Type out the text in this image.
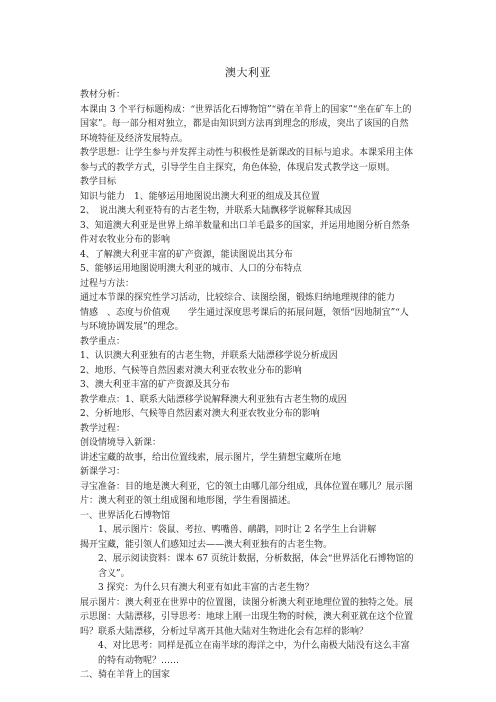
澳大利亚

教材分析：

本课由 3 个平行标题构成：“世界活化石博物馆”“骑在羊背上的国家”“坐在矿车上的国家”。每一部分相对独立，都是由知识到方法再到理念的形成，突出了该国的自然环境特征及经济发展特点。

教学思想：让学生参与并发挥主动性与积极性是新课改的目标与追求。本课采用主体参与式的教学方式，引导学生自主探究，角色体验，体现启发式教学这一原则。

教学目标

知识与能力　1、能够运用地图说出澳大利亚的组成及其位置

2、　说出澳大利亚特有的古老生物，并联系大陆飘移学说解释其成因

3、知道澳大利亚是世界上绵羊数量和出口羊毛最多的国家，并运用地图分析自然条件对农牧业分布的影响

4、了解澳大利亚丰富的矿产资源，能读图说出其分布

5、能够运用地图说明澳大利亚的城市、人口的分布特点

过程与方法：

通过本节课的探究性学习活动，比较综合、读图绘图，锻炼归纳地理规律的能力

情感　、态度与价值观　　学生通过深度思考课后的拓展问题，领悟“因地制宜”“人与环境协调发展”的理念。

教学重点：

1、认识澳大利亚独有的古老生物，并联系大陆漂移学说分析成因

2、地形、气候等自然因素对澳大利亚农牧业分布的影响

3、澳大利亚丰富的矿产资源及其分布

教学难点：1、联系大陆漂移学说解释澳大利亚独有古老生物的成因

2、分析地形、气候等自然因素对澳大利亚农牧业分布的影响

教学过程：

创设情境导入新课：

讲述宝藏的故事，给出位置线索，展示图片，学生猜想宝藏所在地

新课学习：

寻宝准备：目的地是澳大利亚，它的领土由哪几部分组成，具体位置在哪儿？展示图片：澳大利亚的领土组成图和地形图，学生看图描述。

一、世界活化石博物馆

1、展示图片：袋鼠、考拉、鸭嘴兽、鸸鹋，同时让 2 名学生上台讲解

揭开宝藏，能引领人们感知过去——澳大利亚独有的古老生物。

2、展示阅读资料：课本 67 页统计数据，分析数据，体会“世界活化石博物馆的含义”。

3 探究：为什么只有澳大利亚有如此丰富的古老生物？

展示图片：澳大利亚在世界中的位置图，读图分析澳大利亚地理位置的独特之处。展示思图：大陆漂移，引导思考：地球上刚一出现生物的时候，澳大利亚就在这个位置吗？联系大陆漂移，分析过早离开其他大陆对生物进化会有怎样的影响？

4、对比思考：同样是孤立在南半球的海洋之中，为什么南极大陆没有这么丰富的特有动物呢？……

二、骑在羊背上的国家
